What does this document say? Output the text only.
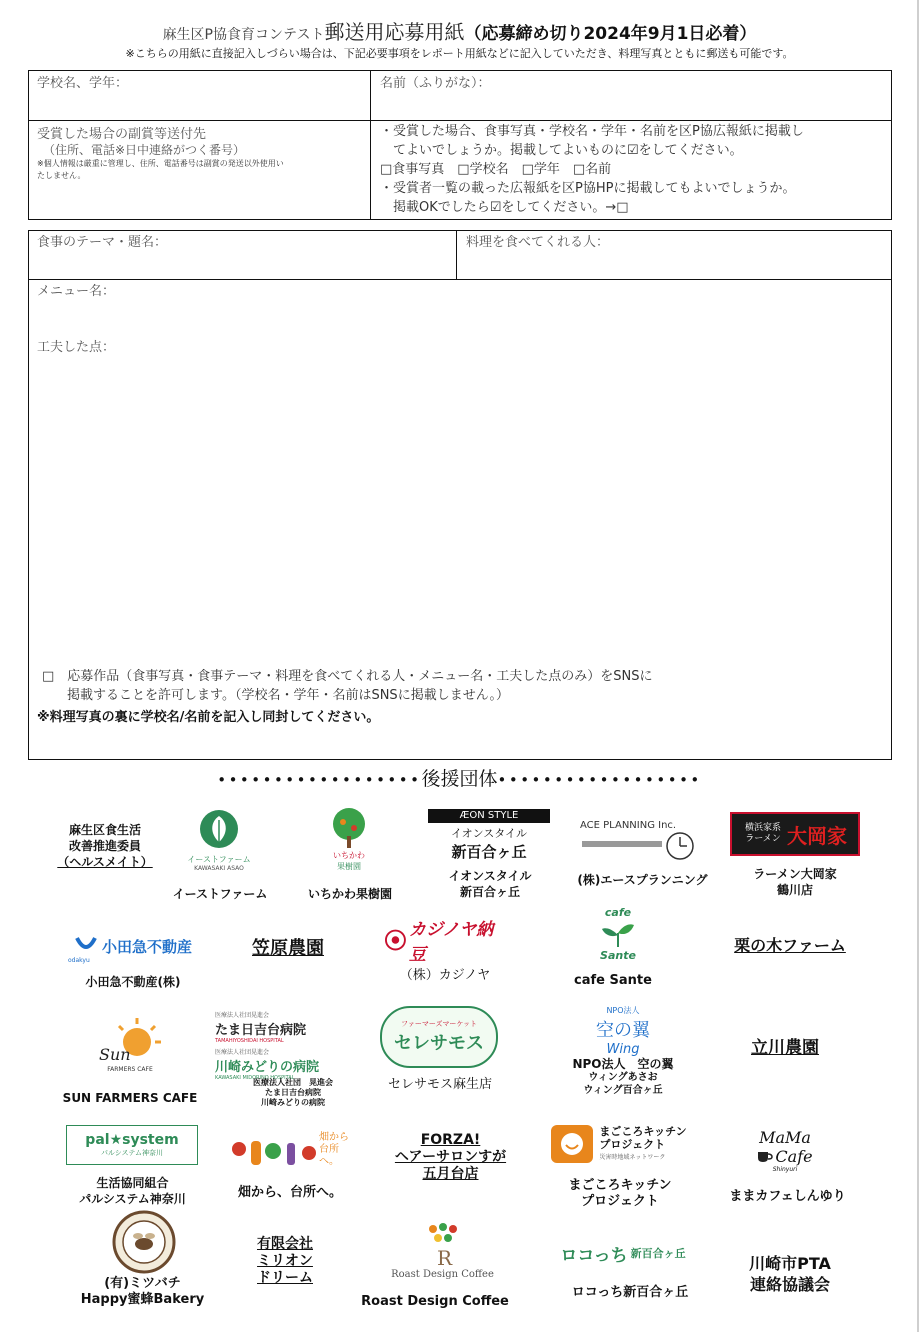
麻生区P協食育コンテスト郵送用応募用紙（応募締め切り2024年9月1日必着）
※こちらの用紙に直接記入しづらい場合は、下記必要事項をレポート用紙などに記入していただき、料理写真とともに郵送も可能です。
学校名、学年：	名前（ふりがな）：
受賞した場合の副賞等送付先
（住所、電話※日中連絡がつく番号）
※個人情報は厳重に管理し、住所、電話番号は副賞の発送以外使用い
たしません。
・受賞した場合、食事写真・学校名・学年・名前を区P協広報紙に掲載し
てよいでしょうか。掲載してよいものに☑をしてください。
□食事写真　□学校名　□学年　□名前
・受賞者一覧の載った広報紙を区P協HPに掲載してもよいでしょうか。
掲載OKでしたら☑をしてください。→□
食事のテーマ・題名：	料理を食べてくれる人：
メニュー名：
工夫した点：
□　応募作品（食事写真・食事テーマ・料理を食べてくれる人・メニュー名・工夫した点のみ）をSNSに
掲載することを許可します。（学校名・学年・名前はSNSに掲載しません。）
※料理写真の裏に学校名/名前を記入し同封してください。
••••••••••••••••••後援団体••••••••••••••••••
麻生区食生活
改善推進委員
（ヘルスメイト）	イーストファーム
KAWASAKI ASAO
イーストファーム
いちかわ
果樹園
いちかわ果樹園
ÆON STYLE
イオンスタイル
新百合ヶ丘
イオンスタイル
新百合ヶ丘
ACE PLANNING Inc.
(株)エースプランニング
横浜家系ラーメン 大岡家
ラーメン大岡家
鶴川店
小田急不動産
odakyu
小田急不動産(株)
笠原農園
カジノヤ納豆
（株）カジノヤ
cafe
Sante
cafe Sante
栗の木ファーム
Sun
FARMERS CAFE
SUN FARMERS CAFE
医療法人社団晃進会
たま日吉台病院
TAMAHIYOSHIDAI HOSPITAL
医療法人社団晃進会
川崎みどりの病院
KAWASAKI MIDORINO HOSPITAL
医療法人社団　晃進会
たま日吉台病院
川崎みどりの病院
ファーマーズマーケット
セレサモス
セレサモス麻生店
NPO法人
空の翼
Wing
NPO法人　空の翼
ウィングあさお
ウィング百合ヶ丘
立川農園
pal★system
パルシステム神奈川
生活協同組合
パルシステム神奈川
畑から台所へ。
畑から、台所へ。
FORZA!
ヘアーサロンすが
五月台店
まごころキッチン
プロジェクト
災害時地域ネットワーク
まごころキッチン
プロジェクト
MaMa
Cafe
Shinyuri
ままカフェしんゆり
(有)ミツバチ
Happy蜜蜂Bakery
有限会社
ミリオン
ドリーム
R
Roast Design Coffee
Roast Design Coffee
ロコっち 新百合ヶ丘
ロコっち新百合ヶ丘
川崎市PTA
連絡協議会
